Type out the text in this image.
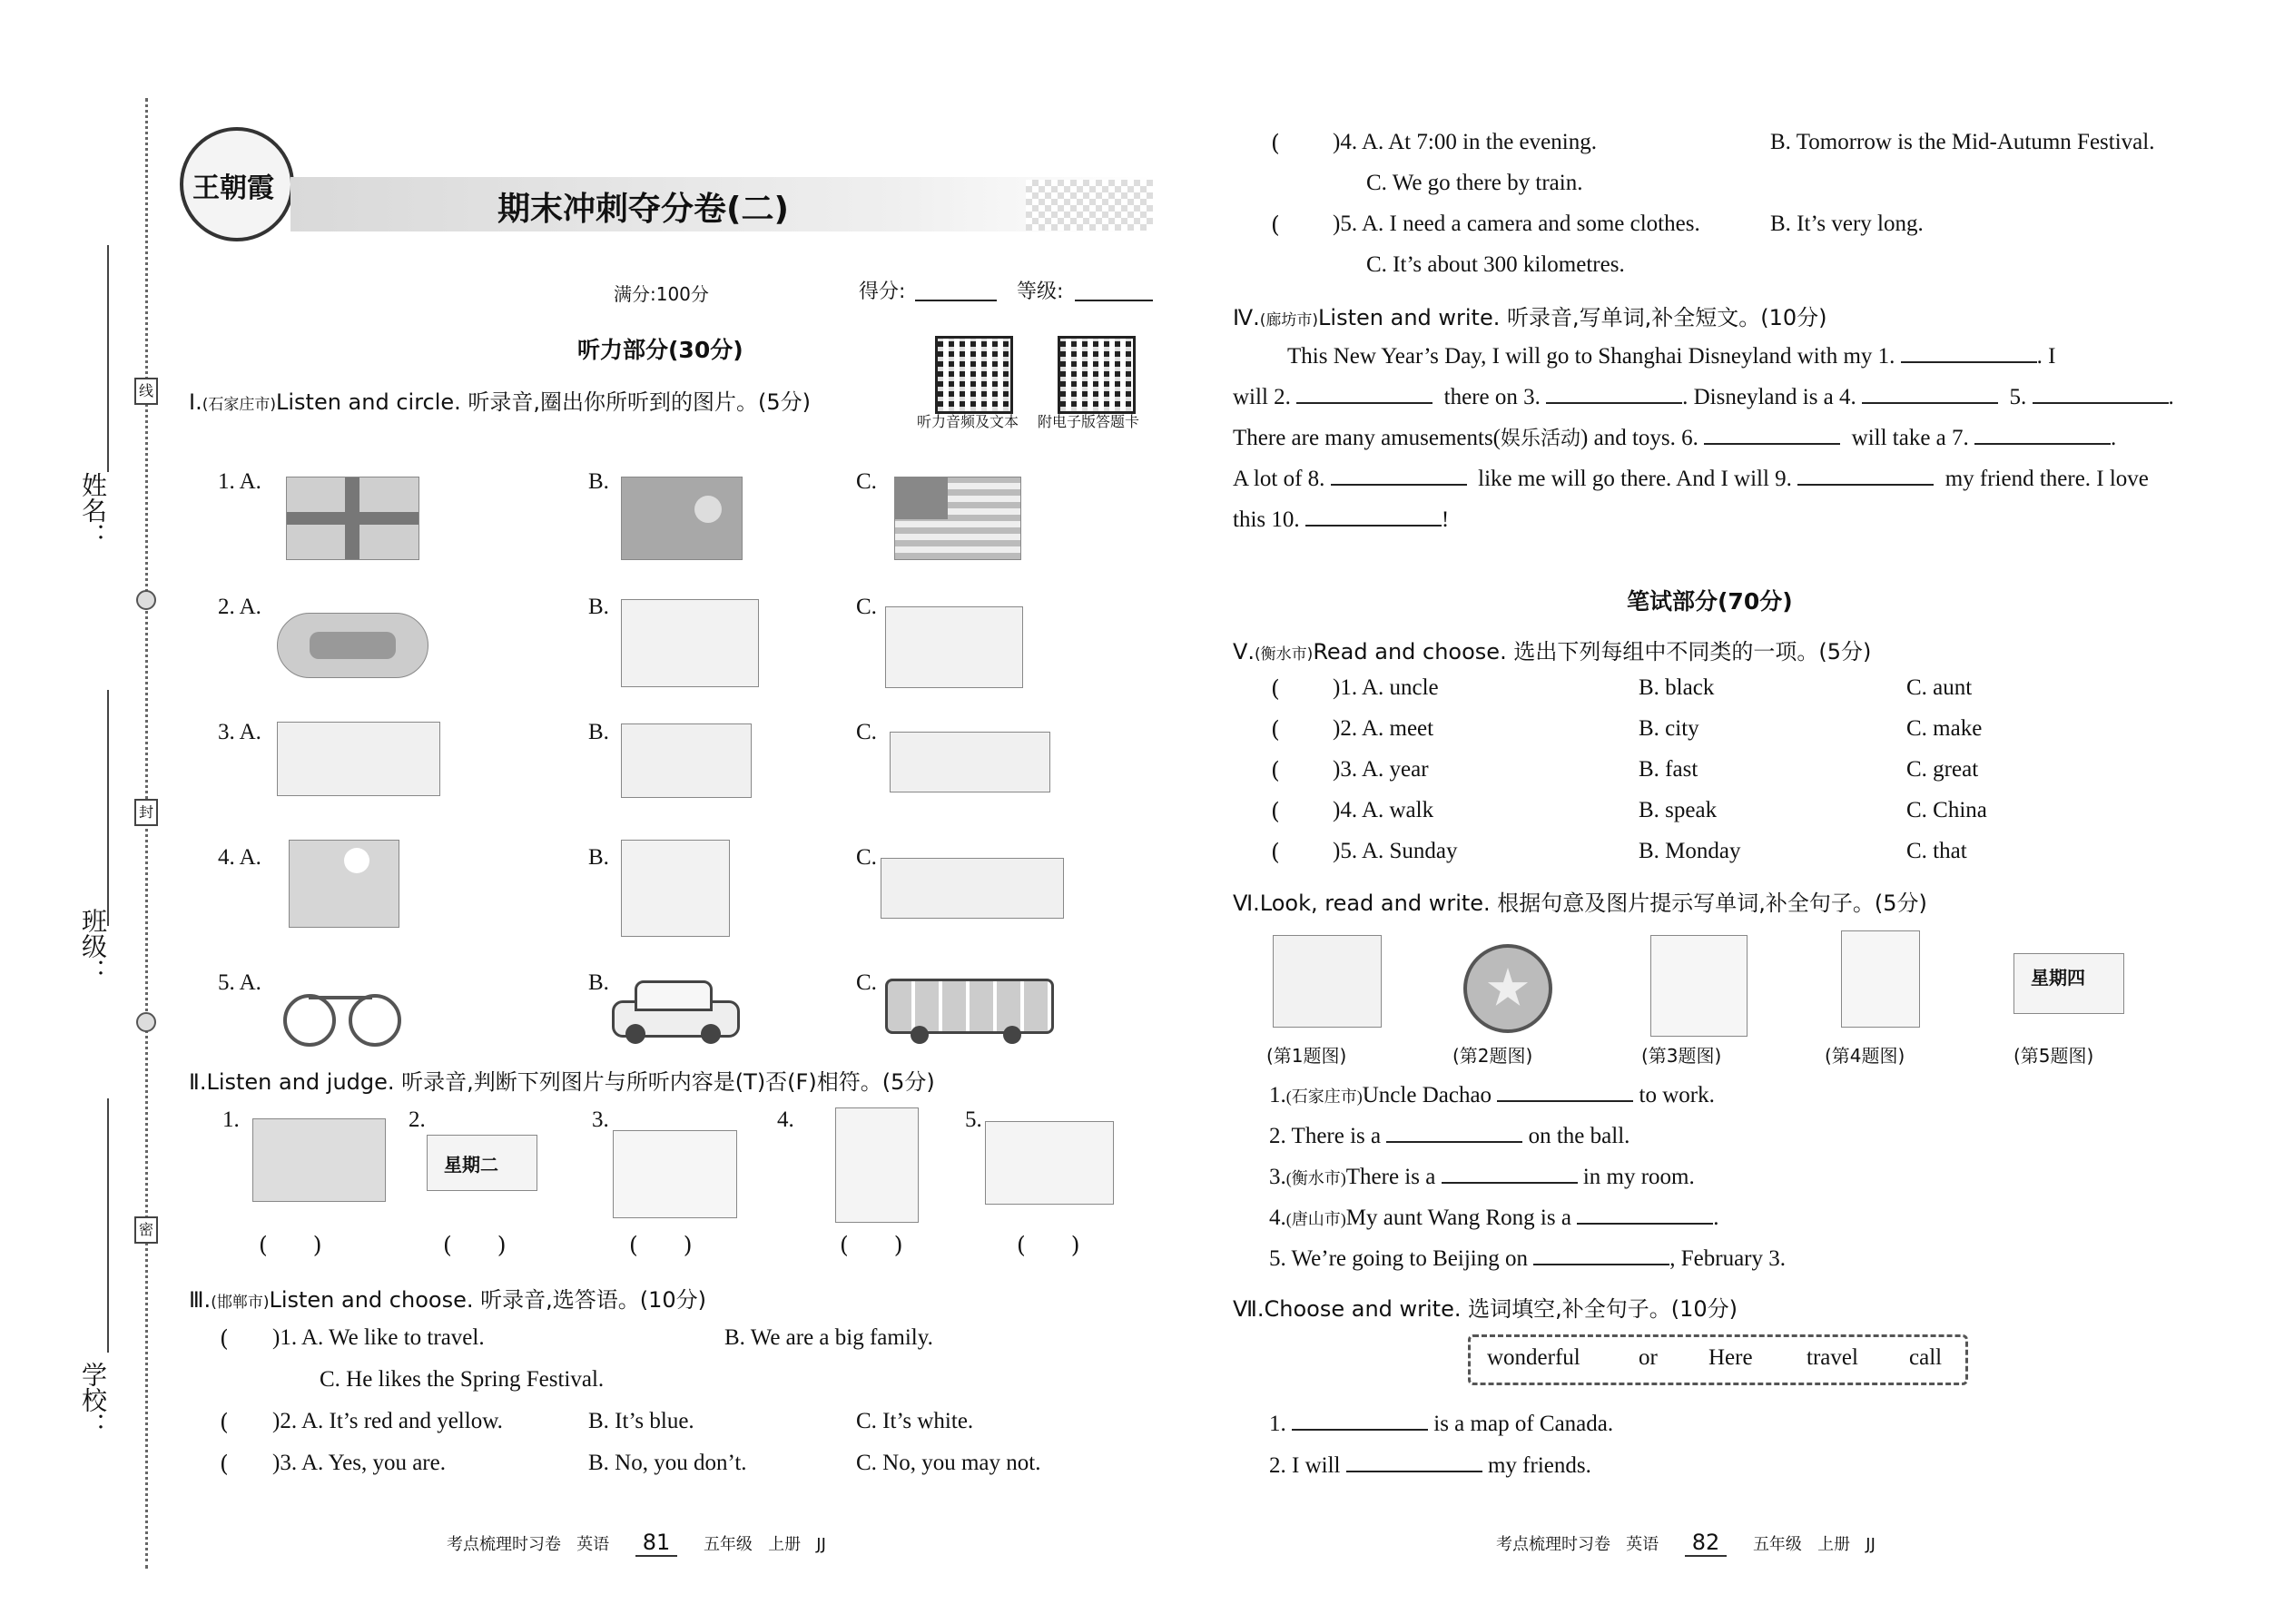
姓名：
线
班级：
封
学校：
密
王朝霞
期末冲刺夺分卷(二)
满分:100分	得分:	等级:
听力部分(30分)
听力音频及文本 附电子版答题卡
Ⅰ.(石家庄市)Listen and circle. 听录音,圈出你所听到的图片。(5分)
1. A.	B.	C.
2. A.	B.	C.
3. A.	B.	C.
4. A.	B.	C.
5. A.	B.	C.
Ⅱ.Listen and judge. 听录音,判断下列图片与所听内容是(T)否(F)相符。(5分)
1.	2.
星期二
3.	4.	5.
(　　)	(　　)	(　　)	(　　)	(　　)
Ⅲ.(邯郸市)Listen and choose. 听录音,选答语。(10分)
( )1. A. We like to travel.	B. We are a big family.
C. He likes the Spring Festival.
( )2. A. It’s red and yellow.	B. It’s blue.	C. It’s white.
( )3. A. Yes, you are.	B. No, you don’t.	C. No, you may not.
考点梳理时习卷 英语 81 五年级 上册 JJ
( )4. A. At 7:00 in the evening.	B. Tomorrow is the Mid-Autumn Festival.
C. We go there by train.
( )5. A. I need a camera and some clothes.	B. It’s very long.
C. It’s about 300 kilometres.
Ⅳ.(廊坊市)Listen and write. 听录音,写单词,补全短文。(10分)
This New Year’s Day, I will go to Shanghai Disneyland with my 1.	. I
will 2.	there on 3.	. Disneyland is a 4.	5.	.
There are many amusements(娱乐活动) and toys. 6.	will take a 7.	.
A lot of 8.	like me will go there. And I will 9.	my friend there. I love
this 10.	!
笔试部分(70分)
Ⅴ.(衡水市)Read and choose. 选出下列每组中不同类的一项。(5分)
( )1. A. uncle	B. black	C. aunt
( )2. A. meet	B. city	C. make
( )3. A. year	B. fast	C. great
( )4. A. walk	B. speak	C. China
( )5. A. Sunday	B. Monday	C. that
Ⅵ.Look, read and write. 根据句意及图片提示写单词,补全句子。(5分)
星期四
(第1题图)	(第2题图)	(第3题图)	(第4题图)	(第5题图)
1.(石家庄市)Uncle Dachao	to work.
2. There is a	on the ball.
3.(衡水市)There is a	in my room.
4.(唐山市)My aunt Wang Rong is a	.
5. We’re going to Beijing on	, February 3.
Ⅶ.Choose and write. 选词填空,补全句子。(10分)
wonderful	or Here travel call
1.	is a map of Canada.
2. I will	my friends.
考点梳理时习卷 英语 82 五年级 上册 JJ
